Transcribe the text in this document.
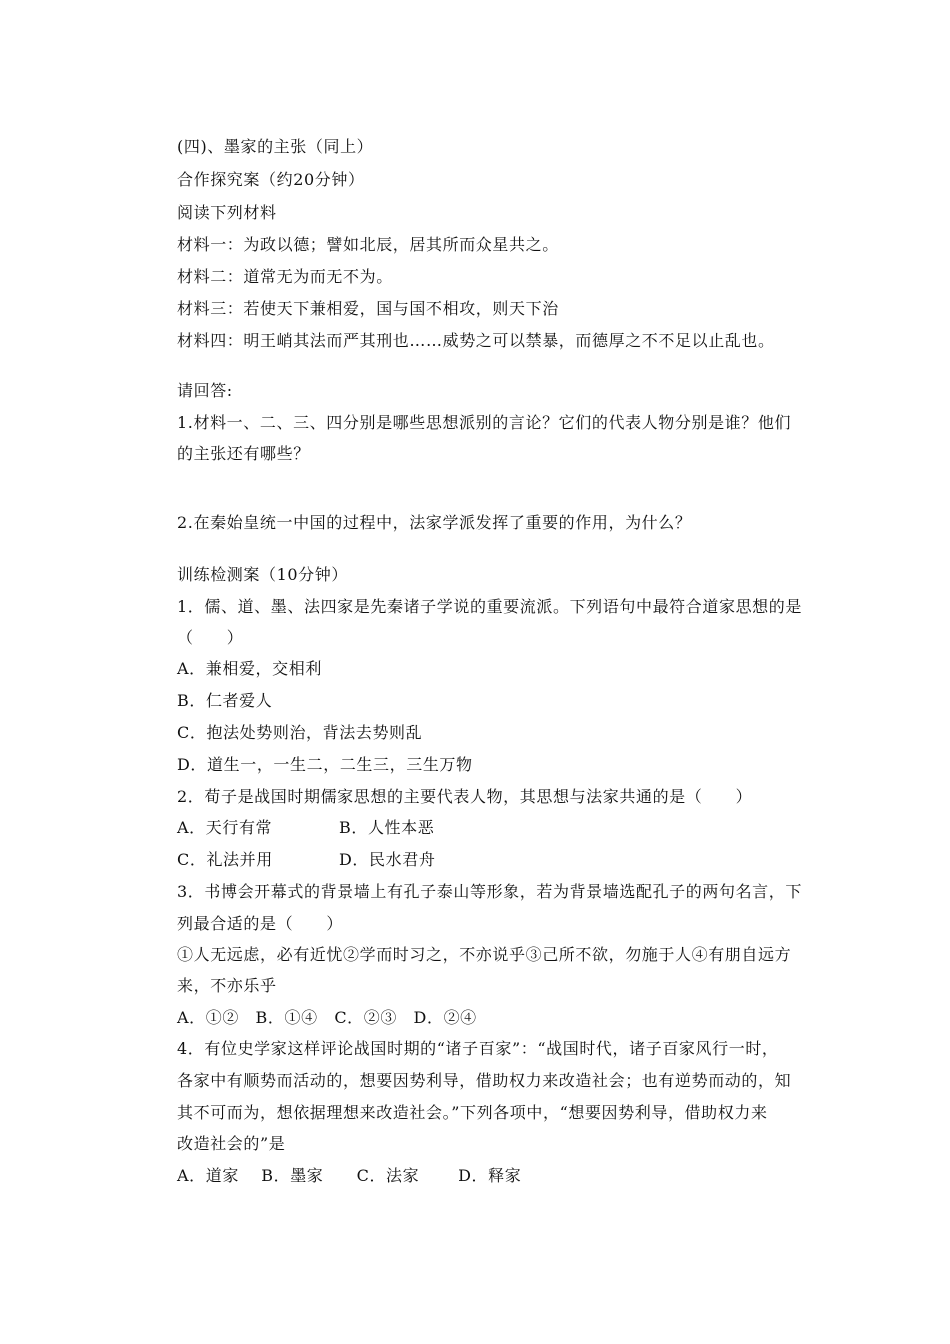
(四)、墨家的主张（同上）
合作探究案（约20分钟）
阅读下列材料
材料一：为政以德；譬如北辰，居其所而众星共之。
材料二：道常无为而无不为。
材料三：若使天下兼相爱，国与国不相攻，则天下治
材料四：明王峭其法而严其刑也……威势之可以禁暴，而德厚之不不足以止乱也。
请回答:
1.材料一、二、三、四分别是哪些思想派别的言论？它们的代表人物分别是谁？他们
的主张还有哪些？
2.在秦始皇统一中国的过程中，法家学派发挥了重要的作用，为什么？
训练检测案（10分钟）
1．儒、道、墨、法四家是先秦诸子学说的重要流派。下列语句中最符合道家思想的是
（　　）
A．兼相爱，交相利
B．仁者爱人
C．抱法处势则治，背法去势则乱
D．道生一，一生二，二生三，三生万物
2．荀子是战国时期儒家思想的主要代表人物，其思想与法家共通的是（　　）
A．天行有常	B．人性本恶
C．礼法并用	D．民水君舟
3．书博会开幕式的背景墙上有孔子泰山等形象，若为背景墙选配孔子的两句名言，下
列最合适的是（　　）
①人无远虑，必有近忧②学而时习之，不亦说乎③己所不欲，勿施于人④有朋自远方
来，不亦乐乎
A．①②　B．①④　C．②③　D．②④
4．有位史学家这样评论战国时期的“诸子百家”：“战国时代，诸子百家风行一时，
各家中有顺势而活动的，想要因势利导，借助权力来改造社会；也有逆势而动的，知
其不可而为，想依据理想来改造社会。”下列各项中，“想要因势利导，借助权力来
改造社会的”是
A．道家　 B．墨家　　C．法家　　 D．释家
